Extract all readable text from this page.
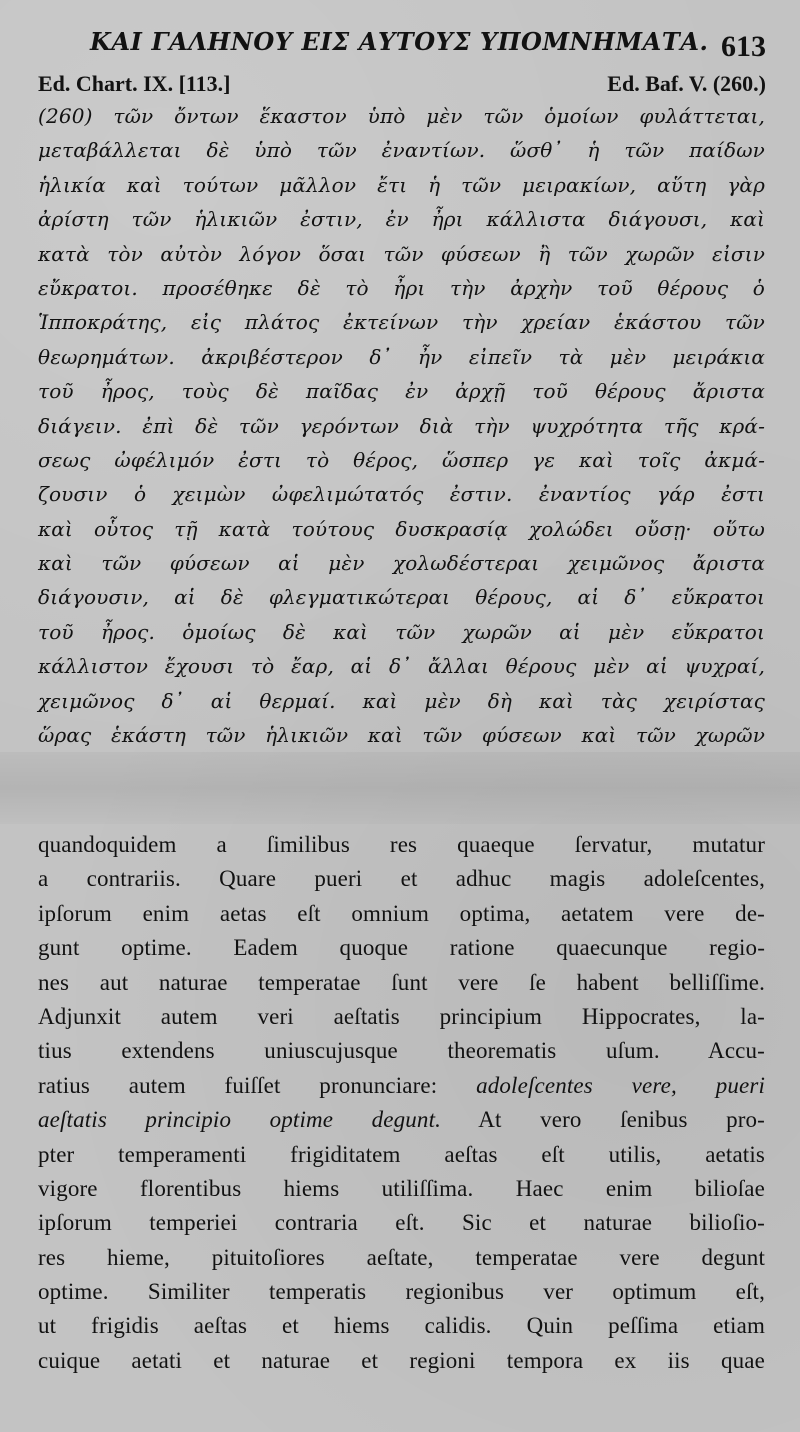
ΚΑΙ ΓΑΛΗΝΟΥ ΕΙΣ ΑΥΤΟΥΣ ΥΠΟΜΝΗΜΑΤΑ. 613
Ed. Chart. IX. [113.]	Ed. Baf. V. (260.)
(260) τῶν ὄντων ἕκαστον ὑπὸ μὲν τῶν ὁμοίων φυλάττεται,
μεταβάλλεται δὲ ὑπὸ τῶν ἐναντίων. ὥσθ᾽ ἡ τῶν παίδων
ἡλικία καὶ τούτων μᾶλλον ἔτι ἡ τῶν μειρακίων, αὕτη γὰρ
ἀρίστη τῶν ἡλικιῶν ἐστιν, ἐν ἦρι κάλλιστα διάγουσι, καὶ
κατὰ τὸν αὐτὸν λόγον ὅσαι τῶν φύσεων ἢ τῶν χωρῶν εἰσιν
εὔκρατοι. προσέθηκε δὲ τὸ ἦρι τὴν ἀρχὴν τοῦ θέρους ὁ
Ἱπποκράτης, εἰς πλάτος ἐκτείνων τὴν χρείαν ἑκάστου τῶν
θεωρημάτων. ἀκριβέστερον δ᾽ ἦν εἰπεῖν τὰ μὲν μειράκια
τοῦ ἦρος, τοὺς δὲ παῖδας ἐν ἀρχῇ τοῦ θέρους ἄριστα
διάγειν. ἐπὶ δὲ τῶν γερόντων διὰ τὴν ψυχρότητα τῆς κρά-
σεως ὠφέλιμόν ἐστι τὸ θέρος, ὥσπερ γε καὶ τοῖς ἀκμά-
ζουσιν ὁ χειμὼν ὠφελιμώτατός ἐστιν. ἐναντίος γάρ ἐστι
καὶ οὗτος τῇ κατὰ τούτους δυσκρασίᾳ χολώδει οὔσῃ· οὕτω
καὶ τῶν φύσεων αἱ μὲν χολωδέστεραι χειμῶνος ἄριστα
διάγουσιν, αἱ δὲ φλεγματικώτεραι θέρους, αἱ δ᾽ εὔκρατοι
τοῦ ἦρος. ὁμοίως δὲ καὶ τῶν χωρῶν αἱ μὲν εὔκρατοι
κάλλιστον ἔχουσι τὸ ἔαρ, αἱ δ᾽ ἄλλαι θέρους μὲν αἱ ψυχραί,
χειμῶνος δ᾽ αἱ θερμαί. καὶ μὲν δὴ καὶ τὰς χειρίστας
ὥρας ἑκάστη τῶν ἡλικιῶν καὶ τῶν φύσεων καὶ τῶν χωρῶν
quandoquidem a ſimilibus res quaeque ſervatur, mutatur
a contrariis. Quare pueri et adhuc magis adoleſcentes,
ipſorum enim aetas eſt omnium optima, aetatem vere de-
gunt optime. Eadem quoque ratione quaecunque regio-
nes aut naturae temperatae ſunt vere ſe habent belliſſime.
Adjunxit autem veri aeſtatis principium Hippocrates, la-
tius extendens uniuscujusque theorematis uſum. Accu-
ratius autem fuiſſet pronunciare: adoleſcentes vere, pueri
aeſtatis principio optime degunt. At vero ſenibus pro-
pter temperamenti frigiditatem aeſtas eſt utilis, aetatis
vigore florentibus hiems utiliſſima. Haec enim bilioſae
ipſorum temperiei contraria eſt. Sic et naturae bilioſio-
res hieme, pituitoſiores aeſtate, temperatae vere degunt
optime. Similiter temperatis regionibus ver optimum eſt,
ut frigidis aeſtas et hiems calidis. Quin peſſima etiam
cuique aetati et naturae et regioni tempora ex iis quae
